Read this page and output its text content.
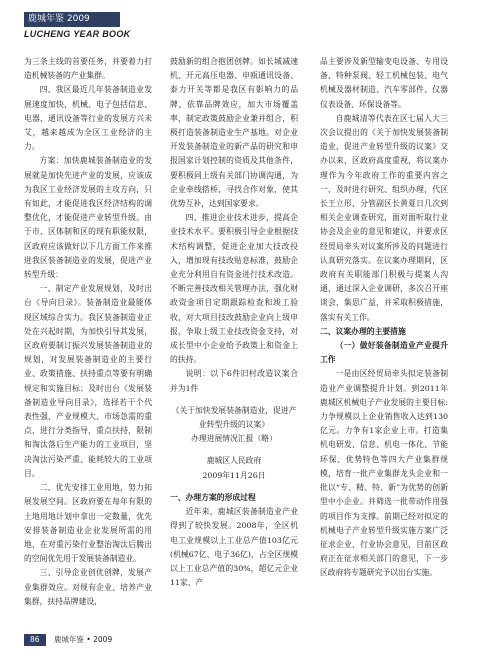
鹿城年鉴 2009
LUCHENG YEAR BOOK

为三条主线的首要任务，并要着力打造机械装备的产业集群。

四、我区最近几年装备制造业发展速度加快，机械、电子包括信息、电器、通讯设备等行业的发展方兴未艾，越来越成为全区工业经济的主力。

方案：加快鹿城装备制造业的发展就是加快先进产业的发展，应该成为我区工业经济发展的主攻方向，只有如此，才能促进我区经济结构的调整优化，才能促进产业转型升级。由于市、区体制和区的现有职能权限，区政府应该做好以下几方面工作来推进我区装备制造业的发展，促进产业转型升级：

一、制定产业发展规划，及时出台《导向目录》。装备制造业最能体现区域综合实力。我区装备制造业正处在兴起时期，为加快引导其发展，区政府要制订振兴发展装备制造业的规划，对发展装备制造业的主要行业、政策措施、扶持重点等要有明确规定和实施目标；及时出台《发展装备制造业导向目录》，选择若干个代表性强、产业规模大、市场急需的重点，进行分类指导，重点扶持，限制和淘汰落后生产能力的工业项目，坚决淘汰污染严重、能耗较大的工业项目。

二、优先安排工业用地，努力拓展发展空间。区政府要在每年有限的土地用地计划中拿出一定数量，优先安排装备制造业企业发展所需的用地，在对重污染行业整治淘汰后腾出的空间优先用于发展装备制造业。

三、引导企业创优创牌，发展产业集群效应。对规有企业、培养产业集群，扶持品牌建设，

鼓励新的组合抱团创牌。如长城减速机、开元高压电器、申瓯通讯设备、泰力开关等都是我区有影响力的品牌，依靠品牌效应，加大市场覆盖率，制定政策鼓励企业兼并组合，积极打造装备制造业生产基地。对企业开发装备制造业的新产品的研究和申报国家计划控制的资质及其他条件，要积极同上级有关部门协调沟通，为企业牵线搭桥，寻找合作对象，使其优势互补，达到国家要求。

四、推进企业技术进步，提高企业技术水平。要积极引导企业根据技术结构调整，促进企业加大技改投入，增加现有技改贴息标准，鼓励企业充分利用自有资金进行技术改造。不断完善技改相关管理办法，强化财政资金项目定期跟踪检查和竣工验收，对大项目技改鼓励企业向上级申报，争取上级工业技改资金支持，对成长型中小企业给予政策上和资金上的扶持。

说明：以下6件旧村改造议案合并为1件

《关于加快发展装备制造业，促进产业转型升级的议案》

办理进展情况汇报（略）

鹿城区人民政府

2009年11月26日

一、办理方案的形成过程

近年来，鹿城区装备制造业产业得到了较快发展。2008年，全区机电工业规模以上工业总产值103亿元(机械67亿、电子36亿)，占全区规模以上工业总产值的30%，超亿元企业11家，产

品主要涉及新型输变电设备、专用设备、特种泵阀、轻工机械包装、电气机械及器材制造、汽车零部件、仪器仪表设备、环保设备等。

自鹿城清等代表在区七届人大三次会议提出的《关于加快发展装备制造业，促进产业转型升级的议案》交办以来，区政府高度重视，将议案办理作为今年政府工作的重要内容之一，及时进行研究、组织办理，代区长王立形、分管副区长黄夏日几次到相关企业调查研究，面对面听取行业协会及企业的意见和建议，并要求区经贸局牵头对议案所涉及的问题进行认真研究落实。在议案办理期间，区政府有关职能部门积极与提案人沟通，通过深入企业调研，多次召开座谈会，集思广益，并采取积极措施，落实有关工作。

二、议案办理的主要措施

（一）做好装备制造业产业提升工作

一是由区经贸局牵头拟定装备制造业产业调整提升计划。到2011年鹿城区机械电子产业发展的主要目标:力争规模以上企业销售收入达到130亿元。力争有1家企业上市。打造集机电研发、信息、机电一体化、节能环保、优势特色等四大产业集群规模，培育一批产业集群龙头企业和一批以“专、精、特、新”为优势的创新型中小企业。并筛选一批带动作用强的项目作为支撑。前期已经对拟定的机械电子产业转型升级实施方案广泛征求企业、行业协会意见，目前区政府正在征求相关部门的意见，下一步区政府将专题研究予以出台实施。

86 鹿城年鉴 • 2009
